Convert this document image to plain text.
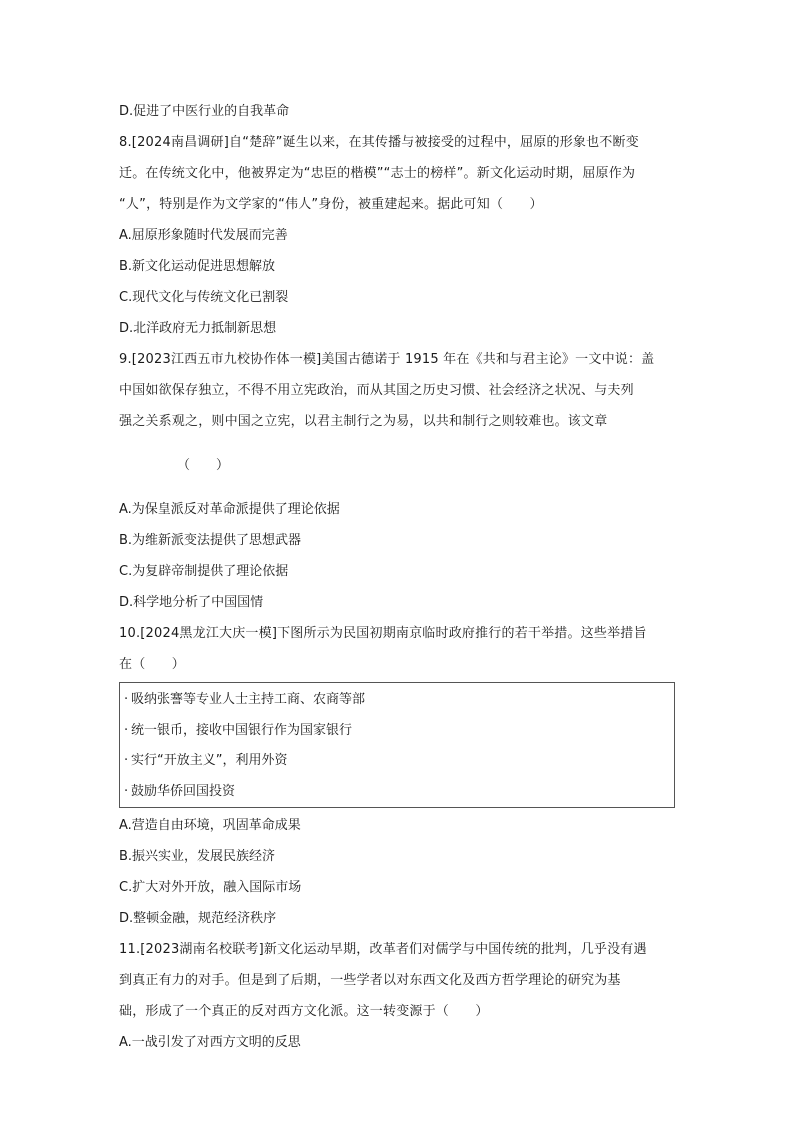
D.促进了中医行业的自我革命

8.[2024南昌调研]自“楚辞”诞生以来，在其传播与被接受的过程中，屈原的形象也不断变

迁。在传统文化中，他被界定为“忠臣的楷模”“志士的榜样”。新文化运动时期，屈原作为

“人”，特别是作为文学家的“伟人”身份，被重建起来。据此可知（　　）

A.屈原形象随时代发展而完善

B.新文化运动促进思想解放

C.现代文化与传统文化已割裂

D.北洋政府无力抵制新思想

9.[2023江西五市九校协作体一模]美国古德诺于 1915 年在《共和与君主论》一文中说：盖

中国如欲保存独立，不得不用立宪政治，而从其国之历史习惯、社会经济之状况、与夫列

强之关系观之，则中国之立宪，以君主制行之为易，以共和制行之则较难也。该文章

（　　）

A.为保皇派反对革命派提供了理论依据

B.为维新派变法提供了思想武器

C.为复辟帝制提供了理论依据

D.科学地分析了中国国情

10.[2024黑龙江大庆一模]下图所示为民国初期南京临时政府推行的若干举措。这些举措旨

在（　　）

· 吸纳张謇等专业人士主持工商、农商等部
· 统一银币，接收中国银行作为国家银行
· 实行“开放主义”，利用外资
· 鼓励华侨回国投资

A.营造自由环境，巩固革命成果

B.振兴实业，发展民族经济

C.扩大对外开放，融入国际市场

D.整顿金融，规范经济秩序

11.[2023湖南名校联考]新文化运动早期，改革者们对儒学与中国传统的批判，几乎没有遇

到真正有力的对手。但是到了后期，一些学者以对东西文化及西方哲学理论的研究为基

础，形成了一个真正的反对西方文化派。这一转变源于（　　）

A.一战引发了对西方文明的反思
